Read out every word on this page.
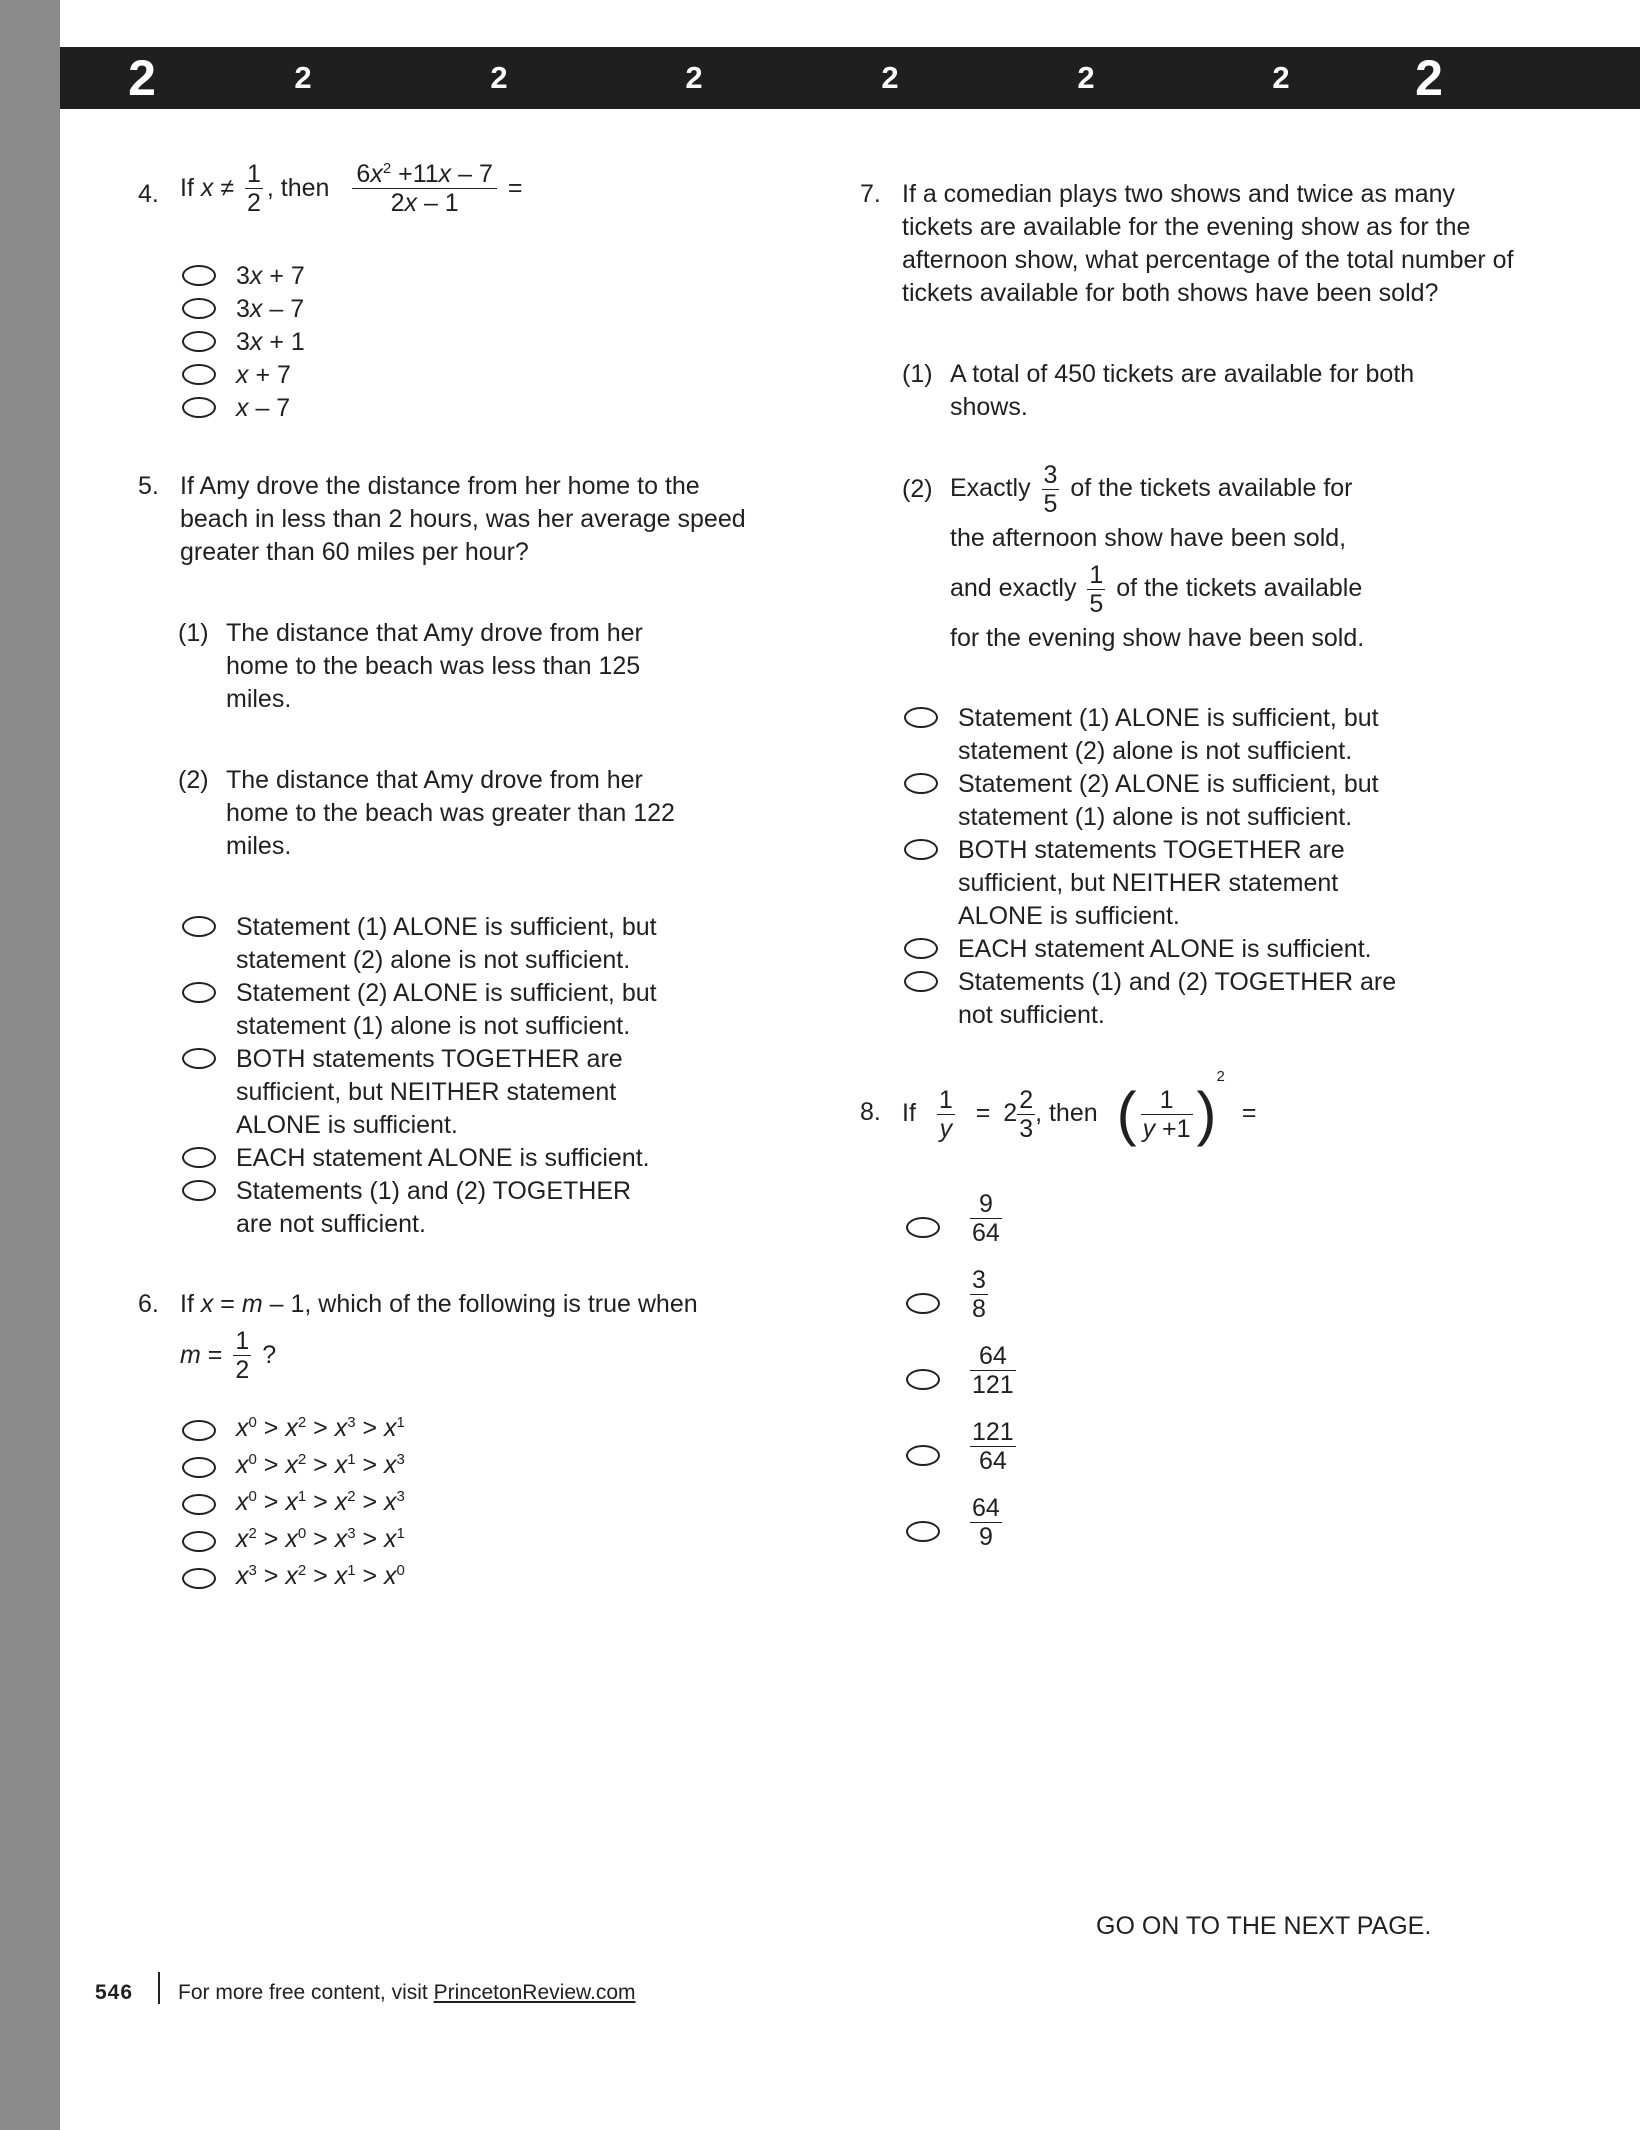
2	2	2	2	2	2	2	2
4. If $x \ne \frac{1}{2}$ , then $\frac{6x^2 +11x - 7}{2x - 1}$ =
3x + 7
3x – 7
3x + 1
x + 7
x – 7
5. If Amy drove the distance from her home to the beach in less than 2 hours, was her average speed greater than 60 miles per hour?
(1) The distance that Amy drove from her home to the beach was less than 125 miles.
(2) The distance that Amy drove from her home to the beach was greater than 122 miles.
Statement (1) ALONE is sufficient, but statement (2) alone is not sufficient.
Statement (2) ALONE is sufficient, but statement (1) alone is not sufficient.
BOTH statements TOGETHER are sufficient, but NEITHER statement ALONE is sufficient.
EACH statement ALONE is sufficient.
Statements (1) and (2) TOGETHER are not sufficient.
6. If x = m – 1, which of the following is true when
$m = \frac{1}{2}$ ?
$x^0 > x^2 > x^3 > x^1$
$x^0 > x^2 > x^1 > x^3$
$x^0 > x^1 > x^2 > x^3$
$x^2 > x^0 > x^3 > x^1$
$x^3 > x^2 > x^1 > x^0$
7. If a comedian plays two shows and twice as many tickets are available for the evening show as for the afternoon show, what percentage of the total number of tickets available for both shows have been sold?
(1) A total of 450 tickets are available for both shows.
(2) Exactly $\frac{3}{5}$ of the tickets available for
the afternoon show have been sold,
and exactly $\frac{1}{5}$ of the tickets available
for the evening show have been sold.
Statement (1) ALONE is sufficient, but statement (2) alone is not sufficient.
Statement (2) ALONE is sufficient, but statement (1) alone is not sufficient.
BOTH statements TOGETHER are sufficient, but NEITHER statement ALONE is sufficient.
EACH statement ALONE is sufficient.
Statements (1) and (2) TOGETHER are not sufficient.
8. If $\frac{1}{y} = 2 \frac{2}{3}$ , then ( $\frac{1}{y +1} )^2$ =
$\frac{9}{64}$
$\frac{3}{8}$
$\frac{64}{121}$
$\frac{121}{64}$
$\frac{64}{9}$
GO ON TO THE NEXT PAGE.
546 For more free content, visit PrincetonReview.com
